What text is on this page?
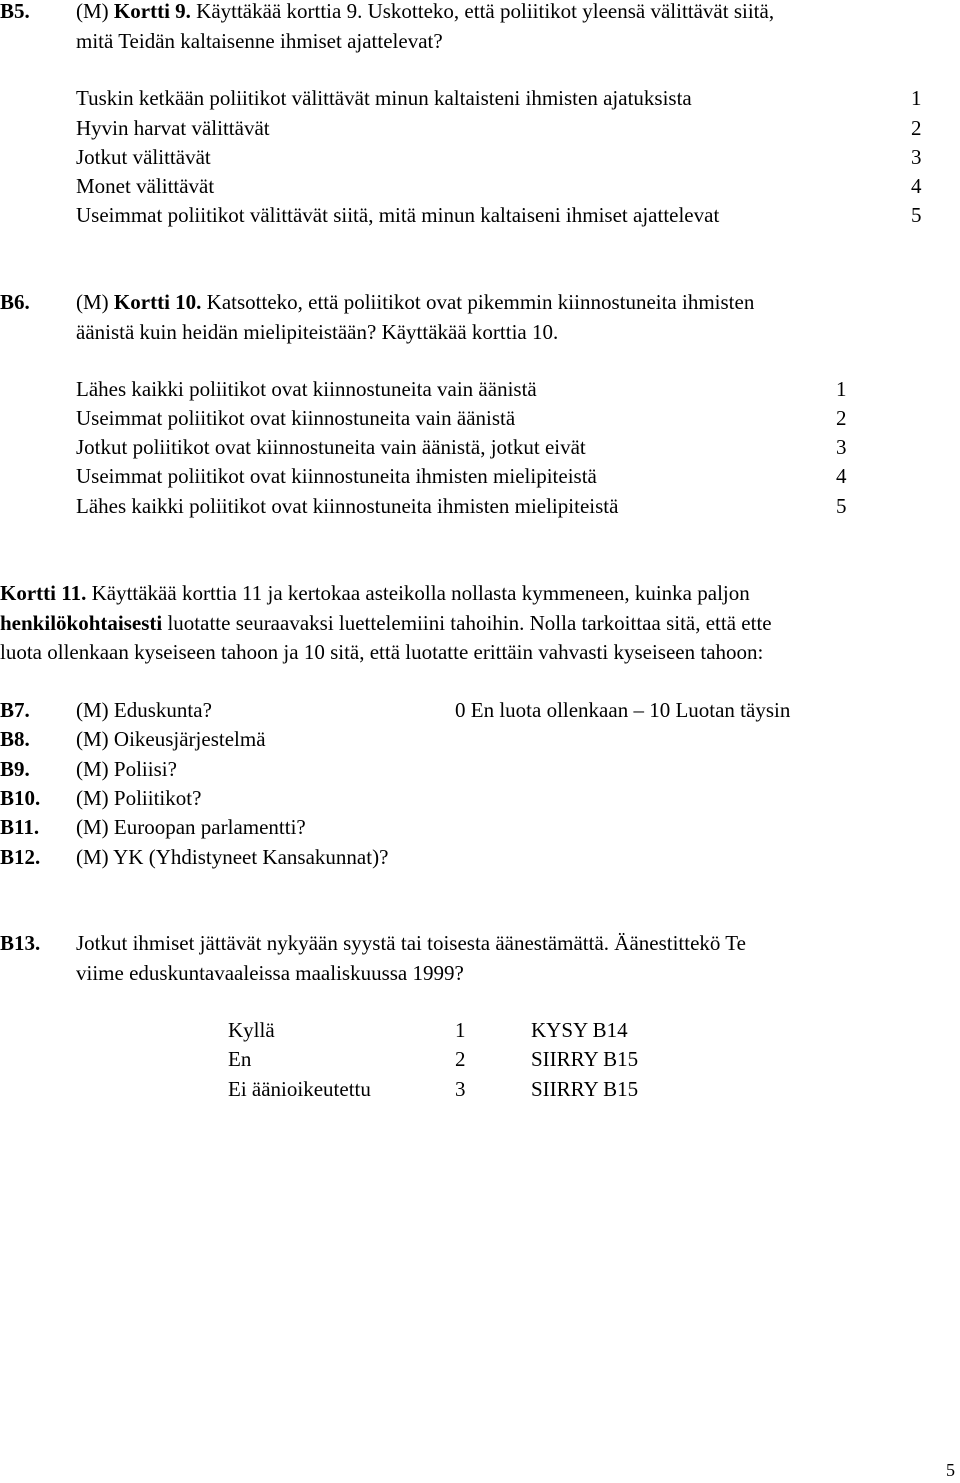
B5. (M) Kortti 9. Käyttäkää korttia 9. Uskotteko, että poliitikot yleensä välittävät siitä,
mitä Teidän kaltaisenne ihmiset ajattelevat?
Tuskin ketkään poliitikot välittävät minun kaltaisteni ihmisten ajatuksista	1
Hyvin harvat välittävät	2
Jotkut välittävät	3
Monet välittävät	4
Useimmat poliitikot välittävät siitä, mitä minun kaltaiseni ihmiset ajattelevat	5
B6. (M) Kortti 10. Katsotteko, että poliitikot ovat pikemmin kiinnostuneita ihmisten
äänistä kuin heidän mielipiteistään? Käyttäkää korttia 10.
Lähes kaikki poliitikot ovat kiinnostuneita vain äänistä	1
Useimmat poliitikot ovat kiinnostuneita vain äänistä	2
Jotkut poliitikot ovat kiinnostuneita vain äänistä, jotkut eivät	3
Useimmat poliitikot ovat kiinnostuneita ihmisten mielipiteistä	4
Lähes kaikki poliitikot ovat kiinnostuneita ihmisten mielipiteistä	5
Kortti 11. Käyttäkää korttia 11 ja kertokaa asteikolla nollasta kymmeneen, kuinka paljon
henkilökohtaisesti luotatte seuraavaksi luettelemiini tahoihin. Nolla tarkoittaa sitä, että ette
luota ollenkaan kyseiseen tahoon ja 10 sitä, että luotatte erittäin vahvasti kyseiseen tahoon:
B7. (M) Eduskunta?	0 En luota ollenkaan – 10 Luotan täysin
B8. (M) Oikeusjärjestelmä
B9. (M) Poliisi?
B10. (M) Poliitikot?
B11. (M) Euroopan parlamentti?
B12. (M) YK (Yhdistyneet Kansakunnat)?
B13. Jotkut ihmiset jättävät nykyään syystä tai toisesta äänestämättä. Äänestittekö Te
viime eduskuntavaaleissa maaliskuussa 1999?
Kyllä	1	KYSY B14
En	2	SIIRRY B15
Ei äänioikeutettu	3	SIIRRY B15
5
